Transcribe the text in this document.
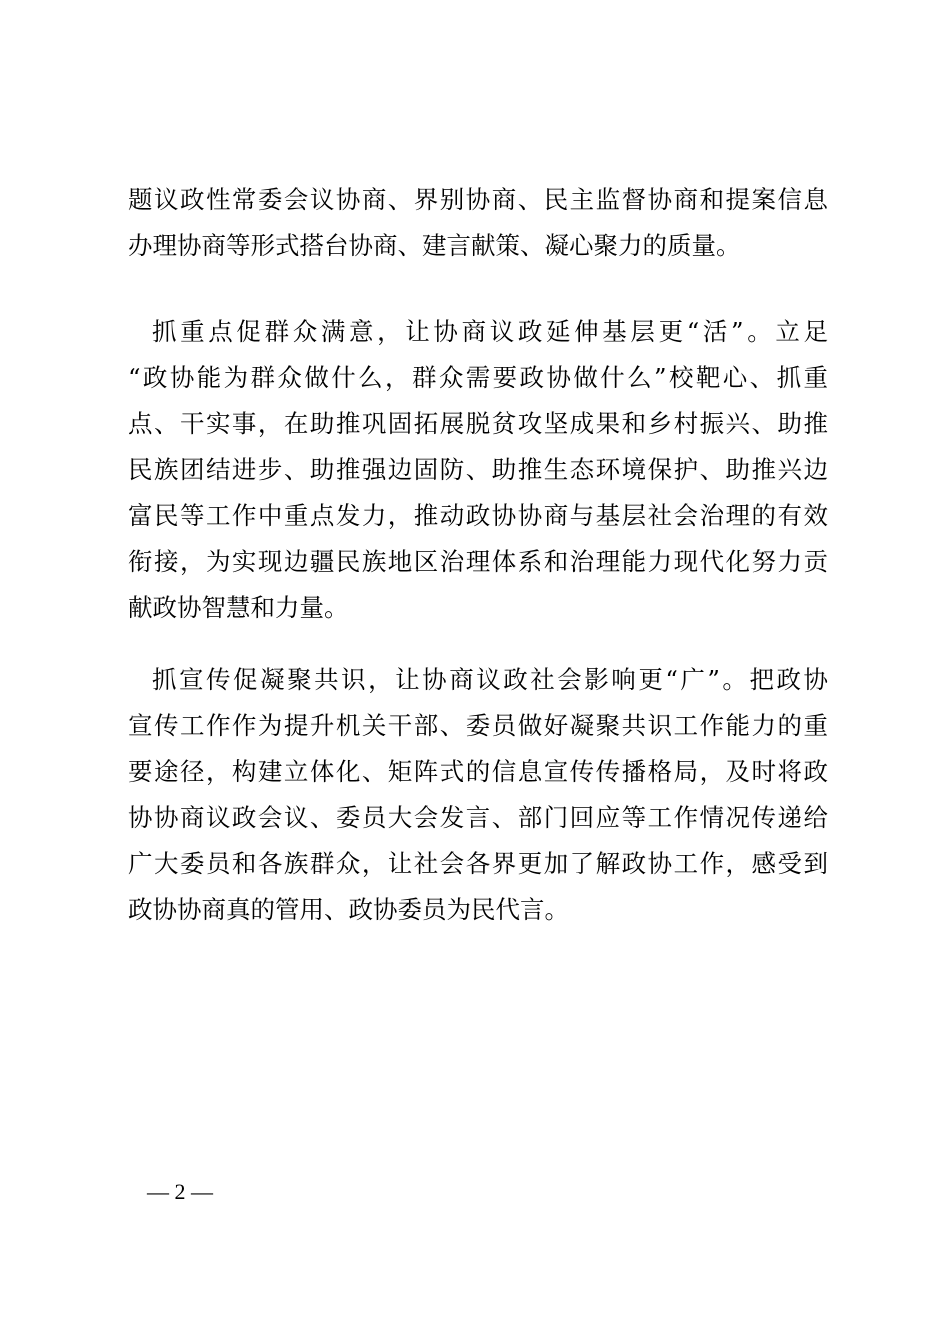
题议政性常委会议协商、界别协商、民主监督协商和提案信息
办理协商等形式搭台协商、建言献策、凝心聚力的质量。
抓重点促群众满意，让协商议政延伸基层更“活”。立足
“政协能为群众做什么，群众需要政协做什么”校靶心、抓重
点、干实事，在助推巩固拓展脱贫攻坚成果和乡村振兴、助推
民族团结进步、助推强边固防、助推生态环境保护、助推兴边
富民等工作中重点发力，推动政协协商与基层社会治理的有效
衔接，为实现边疆民族地区治理体系和治理能力现代化努力贡
献政协智慧和力量。
抓宣传促凝聚共识，让协商议政社会影响更“广”。把政协
宣传工作作为提升机关干部、委员做好凝聚共识工作能力的重
要途径，构建立体化、矩阵式的信息宣传传播格局，及时将政
协协商议政会议、委员大会发言、部门回应等工作情况传递给
广大委员和各族群众，让社会各界更加了解政协工作，感受到
政协协商真的管用、政协委员为民代言。
— 2 —
